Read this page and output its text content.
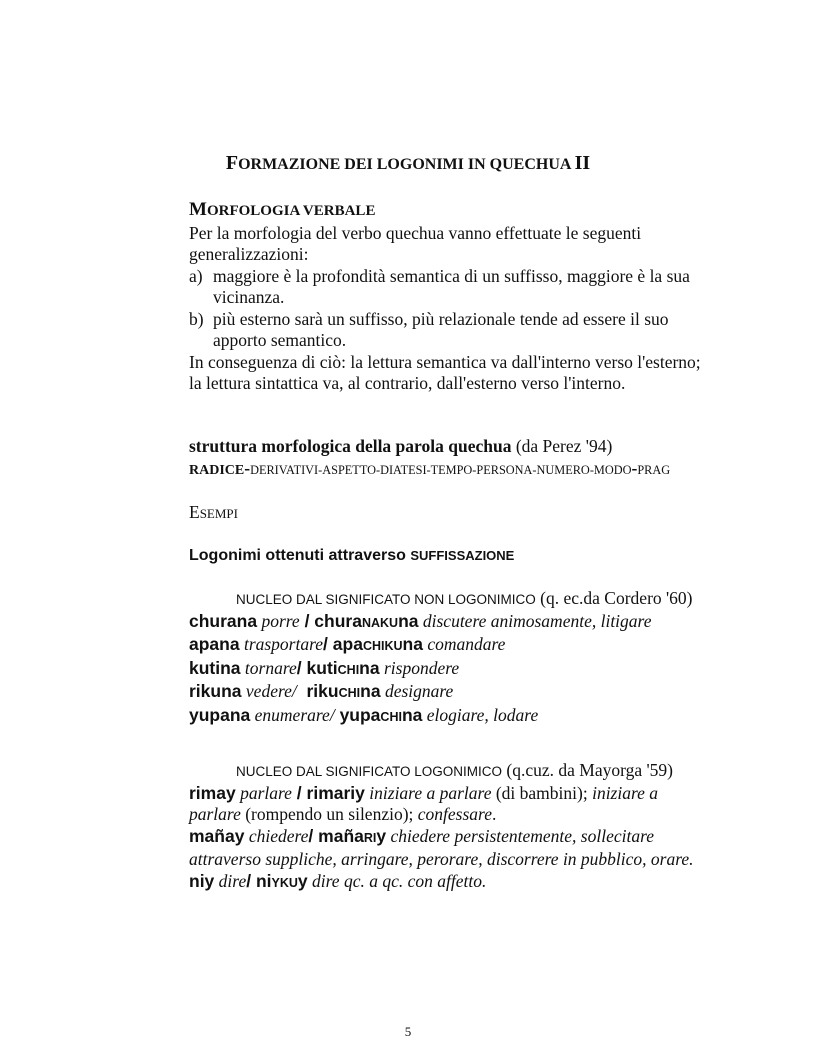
FORMAZIONE DEI LOGONIMI IN QUECHUA II
MORFOLOGIA VERBALE
Per la morfologia del verbo quechua vanno effettuate le seguenti generalizzazioni:
a) maggiore è la profondità semantica di un suffisso, maggiore è la sua vicinanza.
b) più esterno sarà un suffisso, più relazionale tende ad essere il suo apporto semantico.
In conseguenza di ciò: la lettura semantica va dall'interno verso l'esterno; la lettura sintattica va, al contrario, dall'esterno verso l'interno.
struttura morfologica della parola quechua (da Perez '94)
RADICE-DERIVATIVI-ASPETTO-DIATESI-TEMPO-PERSONA-NUMERO-MODO-PRAG
ESEMPI
Logonimi ottenuti attraverso SUFFISSAZIONE
NUCLEO DAL SIGNIFICATO NON LOGONIMICO (q. ec.da Cordero '60)
churana porre / churaNAKUna discutere animosamente, litigare
apana trasportare/ apaCHIKUna comandare
kutina tornare/ kutiCHIna rispondere
rikuna vedere/ rikuCHIna designare
yupana enumerare/ yupaCHIna elogiare, lodare
NUCLEO DAL SIGNIFICATO LOGONIMICO (q.cuz. da Mayorga '59)
rimay parlare / rimariy iniziare a parlare (di bambini); iniziare a parlare (rompendo un silenzio); confessare.
mañay chiedere/ mañaRIy chiedere persistentemente, sollecitare attraverso suppliche, arringare, perorare, discorrere in pubblico, orare.
niy dire/ niYKUy dire qc. a qc. con affetto.
5
